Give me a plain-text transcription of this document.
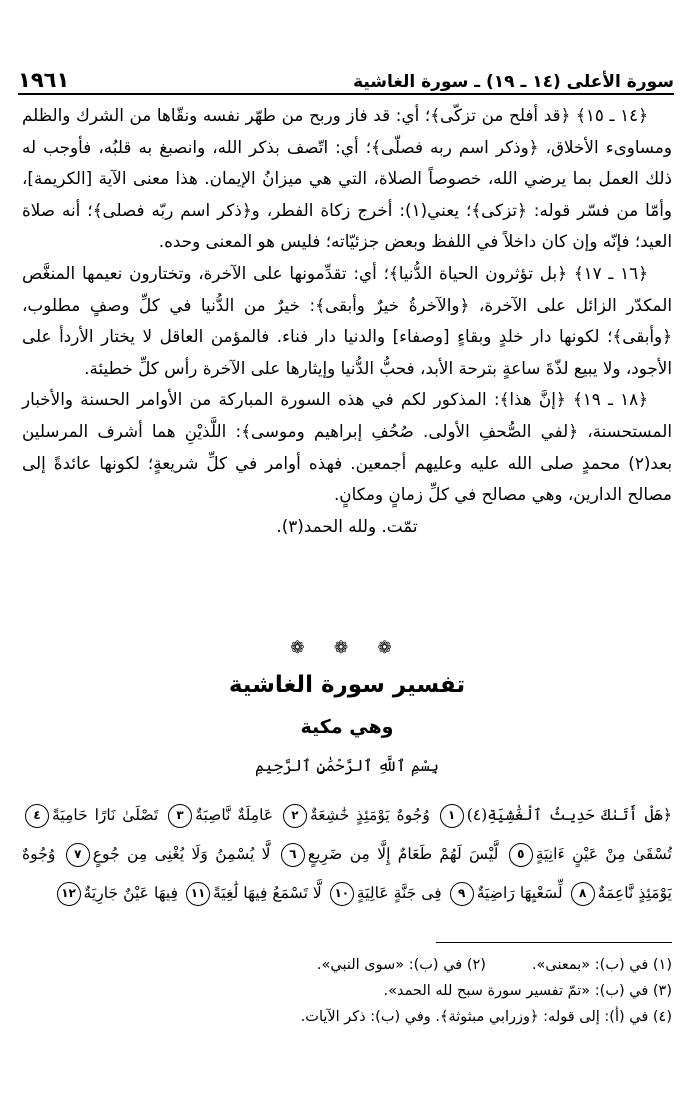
سورة الأعلى (١٤ ـ ١٩) ـ سورة الغاشية
١٩٦١

﴿١٤ ـ ١٥﴾ ﴿قد أفلح من تزكّى﴾؛ أي: قد فاز وربح من طهّر نفسه ونقّاها من الشرك والظلم ومساوىء الأخلاق، ﴿وذكر اسم ربه فصلّى﴾؛ أي: اتّصف بذكر الله، وانصبغ به قلبُه، فأوجب له ذلك العمل بما يرضي الله، خصوصاً الصلاة، التي هي ميزانُ الإيمان. هذا معنى الآية [الكريمة]، وأمّا من فسّر قوله: ﴿تزكى﴾؛ يعني(١): أخرج زكاة الفطر، و﴿ذكر اسم ربّه فصلى﴾؛ أنه صلاة العيد؛ فإنّه وإن كان داخلاً في اللفظ وبعض جزئيّاته؛ فليس هو المعنى وحده.

﴿١٦ ـ ١٧﴾ ﴿بل تؤثرون الحياة الدُّنيا﴾؛ أي: تقدِّمونها على الآخرة، وتختارون نعيمها المنغَّص المكدّر الزائل على الآخرة، ﴿والآخرةُ خيرٌ وأبقى﴾: خيرٌ من الدُّنيا في كلِّ وصفٍ مطلوب، ﴿وأبقى﴾؛ لكونها دار خلدٍ وبقاءٍ [وصفاء] والدنيا دار فناء. فالمؤمن العاقل لا يختار الأردأ على الأجود، ولا يبيع لذّةَ ساعةٍ بترحة الأبد، فحبُّ الدُّنيا وإيثارها على الآخرة رأس كلِّ خطيئة.

﴿١٨ ـ ١٩﴾ ﴿إنَّ هذا﴾: المذكور لكم في هذه السورة المباركة من الأوامر الحسنة والأخبار المستحسنة، ﴿لفي الصُّحفِ الأولى. صُحُفِ إبراهيم وموسى﴾: اللَّذيْنِ هما أشرف المرسلين بعد(٢) محمدٍ صلى الله عليه وعليهم أجمعين. فهذه أوامر في كلِّ شريعةٍ؛ لكونها عائدةً إلى مصالح الدارين، وهي مصالح في كلِّ زمانٍ ومكانٍ.

تمّت. ولله الحمد(٣).

❁ ❁ ❁
تفسير سورة الغاشية
وهي مكية
بِسْمِ ٱللَّهِ ٱلرَّحْمَٰنِ ٱلرَّحِيمِ

﴿هَلْ أَتَىٰكَ حَدِيثُ ٱلْغَٰشِيَةِ(٤)١ وُجُوهٌ يَوْمَئِذٍ خَٰشِعَةٌ٢ عَامِلَةٌ نَّاصِبَةٌ٣ تَصْلَىٰ نَارًا حَامِيَةً٤ تُسْقَىٰ مِنْ عَيْنٍ ءَانِيَةٍ٥ لَّيْسَ لَهُمْ طَعَامٌ إِلَّا مِن ضَرِيعٍ٦ لَّا يُسْمِنُ وَلَا يُغْنِى مِن جُوعٍ٧ وُجُوهٌ يَوْمَئِذٍ نَّاعِمَةٌ٨ لِّسَعْيِهَا رَاضِيَةٌ٩ فِى جَنَّةٍ عَالِيَةٍ١٠ لَّا تَسْمَعُ فِيهَا لَٰغِيَةً١١ فِيهَا عَيْنٌ جَارِيَةٌ١٢

(١) في (ب): «بمعنى».
(٢) في (ب): «سوى النبي».
(٣) في (ب): «تمّ تفسير سورة سبح لله الحمد».
(٤) في (أ): إلى قوله: ﴿وزرابي مبثوثة﴾. وفي (ب): ذكر الآيات.
